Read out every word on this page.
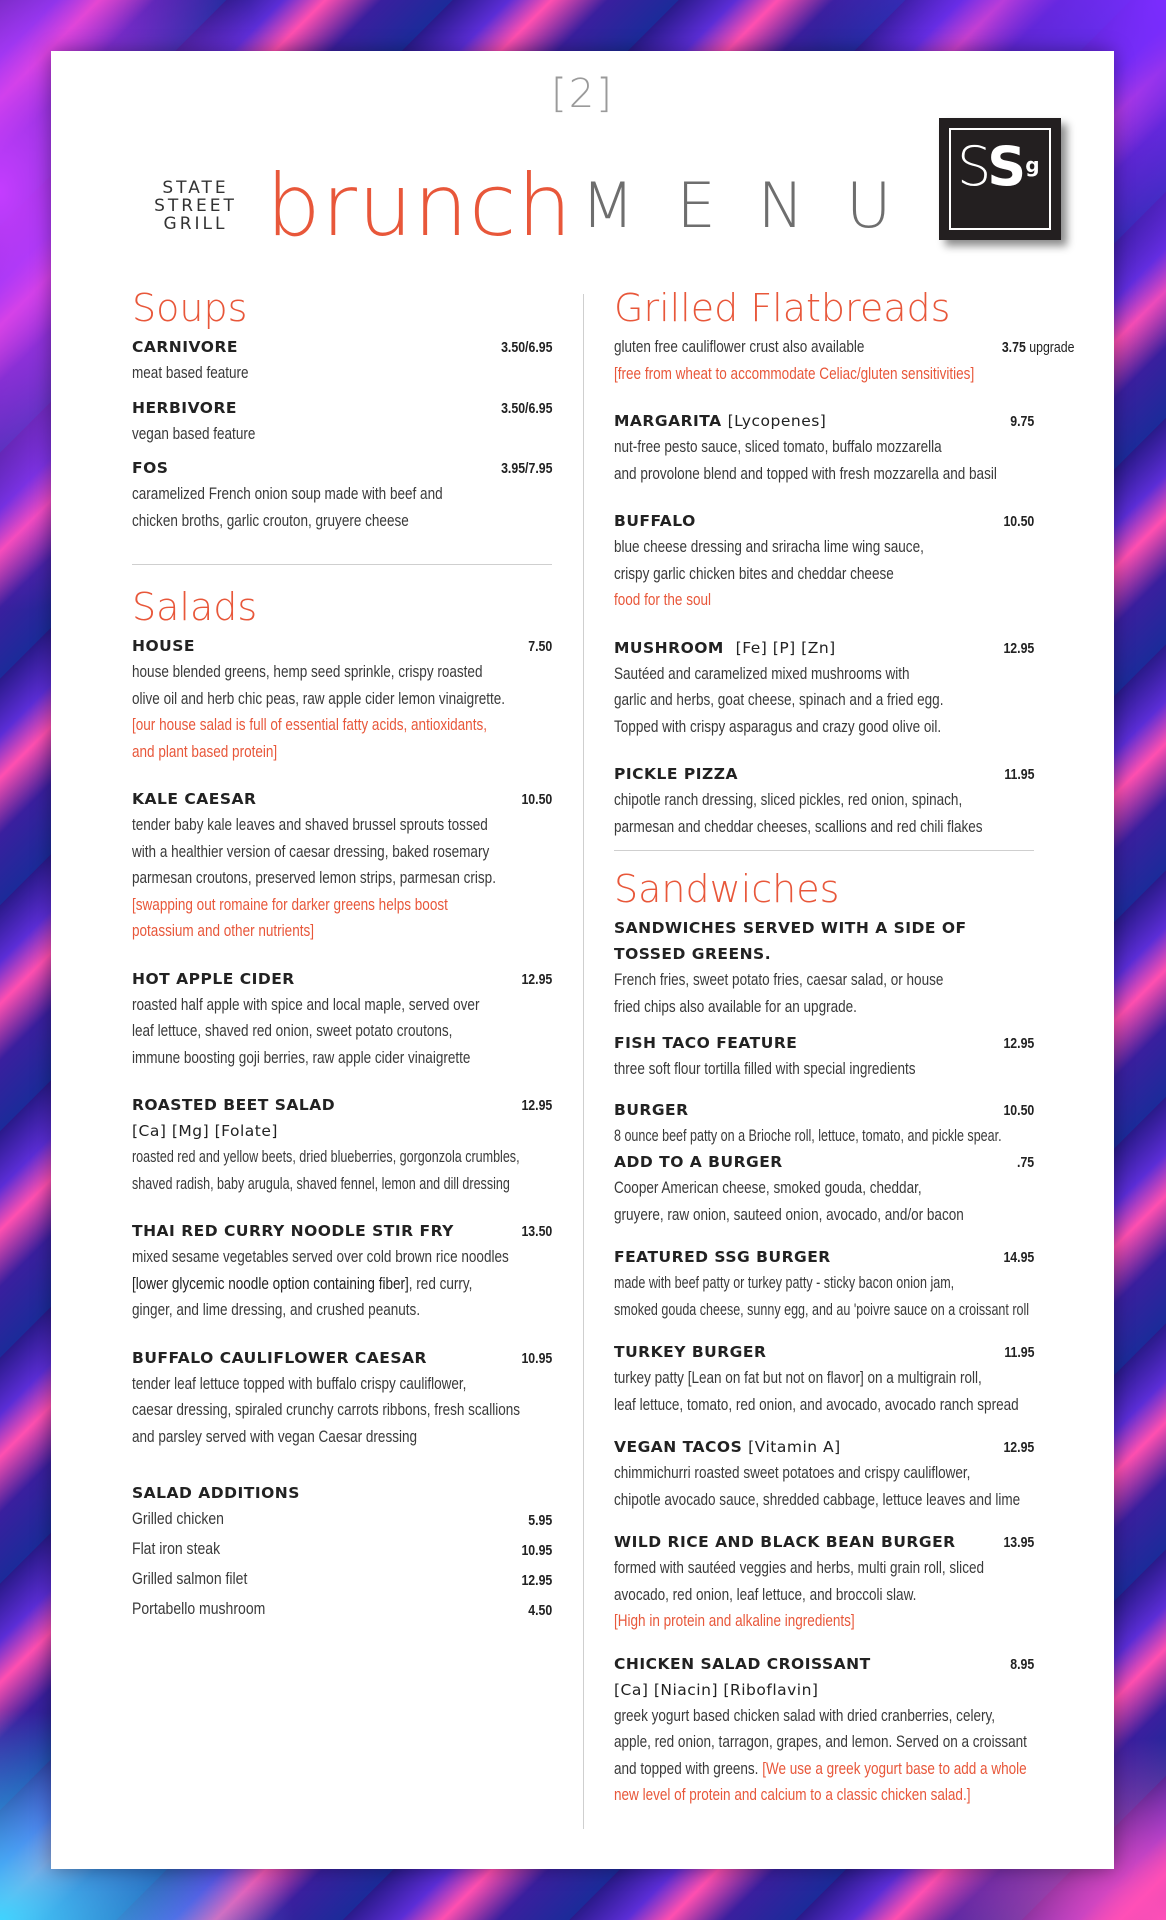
[2]
STATE
STREET
GRILL brunch MENU
SS $^g$
Soups
CARNIVORE	3.50/6.95
meat based feature
HERBIVORE	3.50/6.95
vegan based feature
FOS	3.95/7.95
caramelized French onion soup made with beef and
chicken broths, garlic crouton, gruyere cheese
Salads
HOUSE	7.50
house blended greens, hemp seed sprinkle, crispy roasted
olive oil and herb chic peas, raw apple cider lemon vinaigrette.
[our house salad is full of essential fatty acids, antioxidants,
and plant based protein]
KALE CAESAR	10.50
tender baby kale leaves and shaved brussel sprouts tossed
with a healthier version of caesar dressing, baked rosemary
parmesan croutons, preserved lemon strips, parmesan crisp.
[swapping out romaine for darker greens helps boost
potassium and other nutrients]
HOT APPLE CIDER	12.95
roasted half apple with spice and local maple, served over
leaf lettuce, shaved red onion, sweet potato croutons,
immune boosting goji berries, raw apple cider vinaigrette
ROASTED BEET SALAD	12.95
[Ca] [Mg] [Folate]
roasted red and yellow beets, dried blueberries, gorgonzola crumbles,
shaved radish, baby arugula, shaved fennel, lemon and dill dressing
THAI RED CURRY NOODLE STIR FRY	13.50
mixed sesame vegetables served over cold brown rice noodles
[lower glycemic noodle option containing fiber], red curry,
ginger, and lime dressing, and crushed peanuts.
BUFFALO CAULIFLOWER CAESAR	10.95
tender leaf lettuce topped with buffalo crispy cauliflower,
caesar dressing, spiraled crunchy carrots ribbons, fresh scallions
and parsley served with vegan Caesar dressing
SALAD ADDITIONS
Grilled chicken	5.95
Flat iron steak	10.95
Grilled salmon filet	12.95
Portabello mushroom	4.50
Grilled Flatbreads
gluten free cauliflower crust also available	3.75 upgrade
[free from wheat to accommodate Celiac/gluten sensitivities]
MARGARITA [Lycopenes]	9.75
nut-free pesto sauce, sliced tomato, buffalo mozzarella
and provolone blend and topped with fresh mozzarella and basil
BUFFALO	10.50
blue cheese dressing and sriracha lime wing sauce,
crispy garlic chicken bites and cheddar cheese
food for the soul
MUSHROOM [Fe] [P] [Zn]	12.95
Sautéed and caramelized mixed mushrooms with
garlic and herbs, goat cheese, spinach and a fried egg.
Topped with crispy asparagus and crazy good olive oil.
PICKLE PIZZA	11.95
chipotle ranch dressing, sliced pickles, red onion, spinach,
parmesan and cheddar cheeses, scallions and red chili flakes
Sandwiches
SANDWICHES SERVED WITH A SIDE OF
TOSSED GREENS.
French fries, sweet potato fries, caesar salad, or house
fried chips also available for an upgrade.
FISH TACO FEATURE	12.95
three soft flour tortilla filled with special ingredients
BURGER	10.50
8 ounce beef patty on a Brioche roll, lettuce, tomato, and pickle spear.
ADD TO A BURGER	.75
Cooper American cheese, smoked gouda, cheddar,
gruyere, raw onion, sauteed onion, avocado, and/or bacon
FEATURED SSG BURGER	14.95
made with beef patty or turkey patty - sticky bacon onion jam,
smoked gouda cheese, sunny egg, and au 'poivre sauce on a croissant roll
TURKEY BURGER	11.95
turkey patty [Lean on fat but not on flavor] on a multigrain roll,
leaf lettuce, tomato, red onion, and avocado, avocado ranch spread
VEGAN TACOS [Vitamin A]	12.95
chimmichurri roasted sweet potatoes and crispy cauliflower,
chipotle avocado sauce, shredded cabbage, lettuce leaves and lime
WILD RICE AND BLACK BEAN BURGER	13.95
formed with sautéed veggies and herbs, multi grain roll, sliced
avocado, red onion, leaf lettuce, and broccoli slaw.
[High in protein and alkaline ingredients]
CHICKEN SALAD CROISSANT	8.95
[Ca] [Niacin] [Riboflavin]
greek yogurt based chicken salad with dried cranberries, celery,
apple, red onion, tarragon, grapes, and lemon. Served on a croissant
and topped with greens. [We use a greek yogurt base to add a whole
new level of protein and calcium to a classic chicken salad.]
